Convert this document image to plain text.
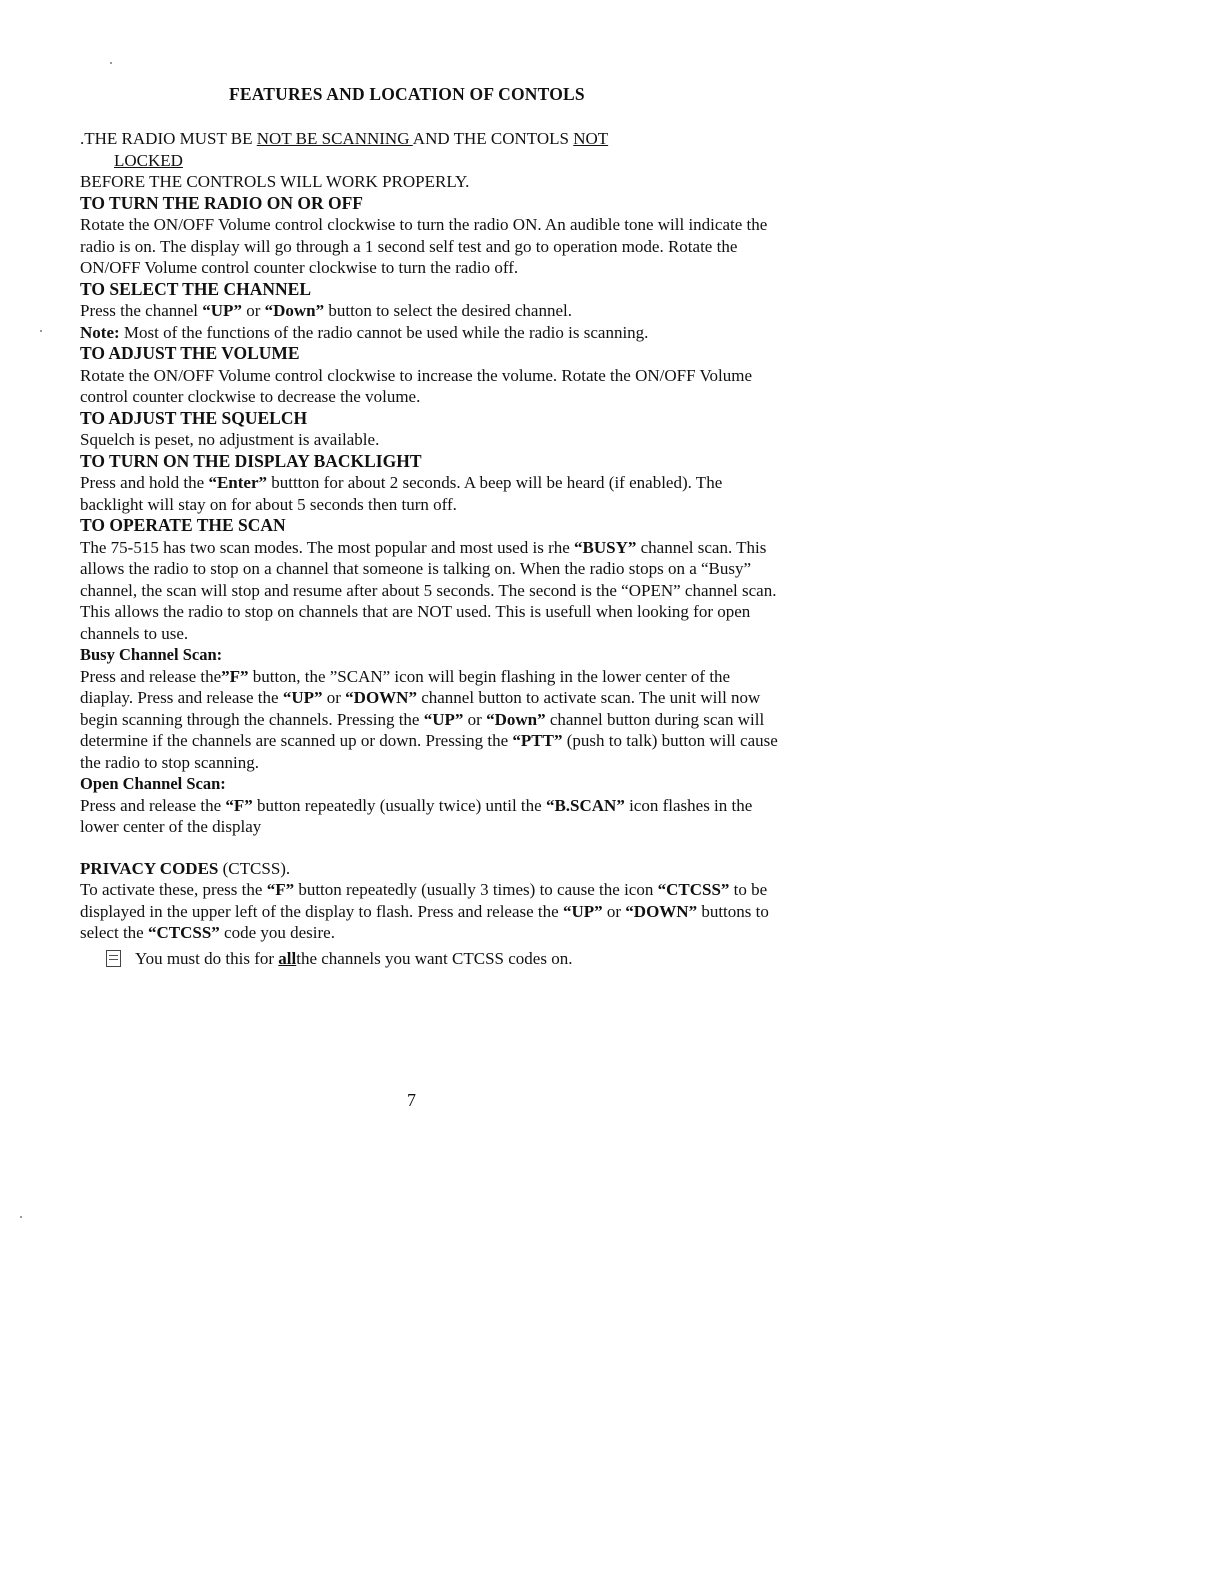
FEATURES AND LOCATION OF CONTOLS

.THE RADIO MUST BE NOT BE SCANNING AND THE CONTOLS NOT

LOCKED

BEFORE THE CONTROLS WILL WORK PROPERLY.

TO TURN THE RADIO ON OR OFF

Rotate the ON/OFF Volume control clockwise to turn the radio ON. An audible tone will indicate the radio is on. The display will go through a 1 second self test and go to operation mode. Rotate the ON/OFF Volume control counter clockwise to turn the radio off.

TO SELECT THE CHANNEL

Press the channel “UP” or “Down” button to select the desired channel.

Note: Most of the functions of the radio cannot be used while the radio is scanning.

TO ADJUST THE VOLUME

Rotate the ON/OFF Volume control clockwise to increase the volume. Rotate the ON/OFF Volume control counter clockwise to decrease the volume.

TO ADJUST THE SQUELCH

Squelch is peset, no adjustment is available.

TO TURN ON THE DISPLAY BACKLIGHT

Press and hold the “Enter” buttton for about 2 seconds. A beep will be heard (if enabled). The backlight will stay on for about 5 seconds then turn off.

TO OPERATE THE SCAN

The 75-515 has two scan modes. The most popular and most used is rhe “BUSY” channel scan. This allows the radio to stop on a channel that someone is talking on. When the radio stops on a “Busy” channel, the scan will stop and resume after about 5 seconds. The second is the “OPEN” channel scan. This allows the radio to stop on channels that are NOT used. This is usefull when looking for open channels to use.

Busy Channel Scan:

Press and release the”F” button, the ”SCAN” icon will begin flashing in the lower center of the diaplay. Press and release the “UP” or “DOWN” channel button to activate scan. The unit will now begin scanning through the channels. Pressing the “UP” or “Down” channel button during scan will determine if the channels are scanned up or down. Pressing the “PTT” (push to talk) button will cause the radio to stop scanning.

Open Channel Scan:

Press and release the “F” button repeatedly (usually twice) until the “B.SCAN” icon flashes in the lower center of the display

PRIVACY CODES (CTCSS).

To activate these, press the “F” button repeatedly (usually 3 times) to cause the icon “CTCSS” to be displayed in the upper left of the display to flash. Press and release the “UP” or “DOWN” buttons to select the “CTCSS” code you desire.

You must do this for
all the channels you want CTCSS codes on.

7
